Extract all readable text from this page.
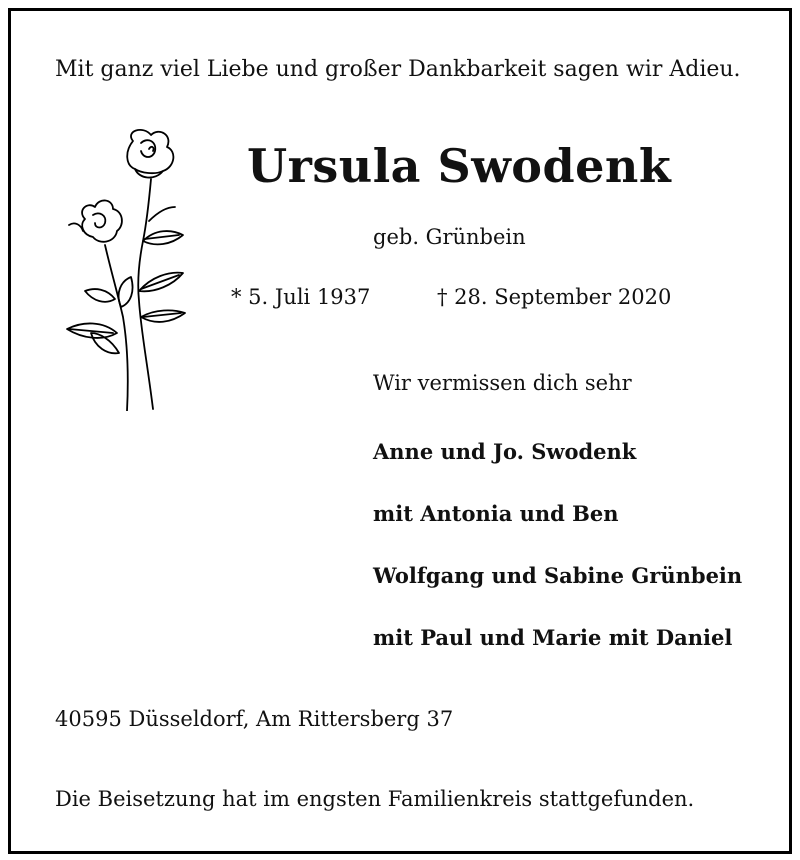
Mit ganz viel Liebe und großer Dankbarkeit sagen wir Adieu.
Ursula Swodenk
geb. Grünbein
* 5. Juli 1937	† 28. September 2020
Wir vermissen dich sehr
Anne und Jo. Swodenk
mit Antonia und Ben
Wolfgang und Sabine Grünbein
mit Paul und Marie mit Daniel
40595 Düsseldorf, Am Rittersberg 37
Die Beisetzung hat im engsten Familienkreis stattgefunden.
